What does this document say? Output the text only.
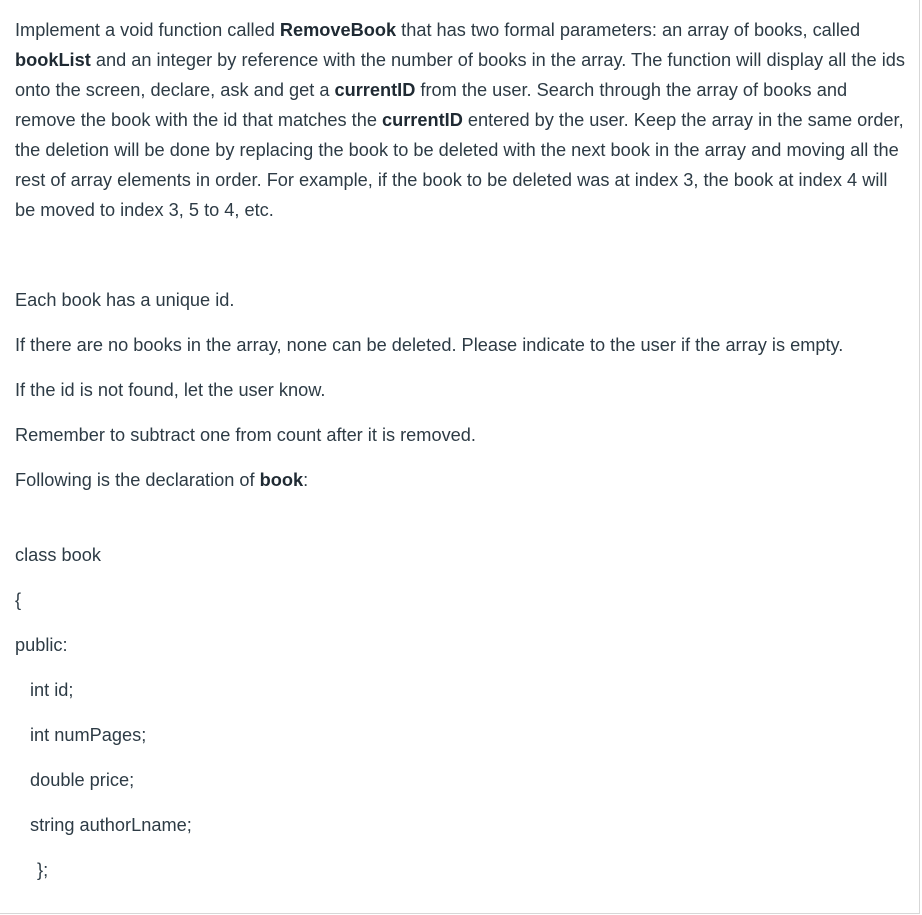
Implement a void function called RemoveBook that has two formal parameters: an array of books, called bookList and an integer by reference with the number of books in the array. The function will display all the ids onto the screen, declare, ask and get a currentID from the user. Search through the array of books and remove the book with the id that matches the currentID entered by the user. Keep the array in the same order, the deletion will be done by replacing the book to be deleted with the next book in the array and moving all the rest of array elements in order. For example, if the book to be deleted was at index 3, the book at index 4 will be moved to index 3, 5 to 4, etc.

Each book has a unique id.

If there are no books in the array, none can be deleted. Please indicate to the user if the array is empty.

If the id is not found, let the user know.

Remember to subtract one from count after it is removed.

Following is the declaration of book:

class book

{

public:

int id;

int numPages;

double price;

string authorLname;

};
